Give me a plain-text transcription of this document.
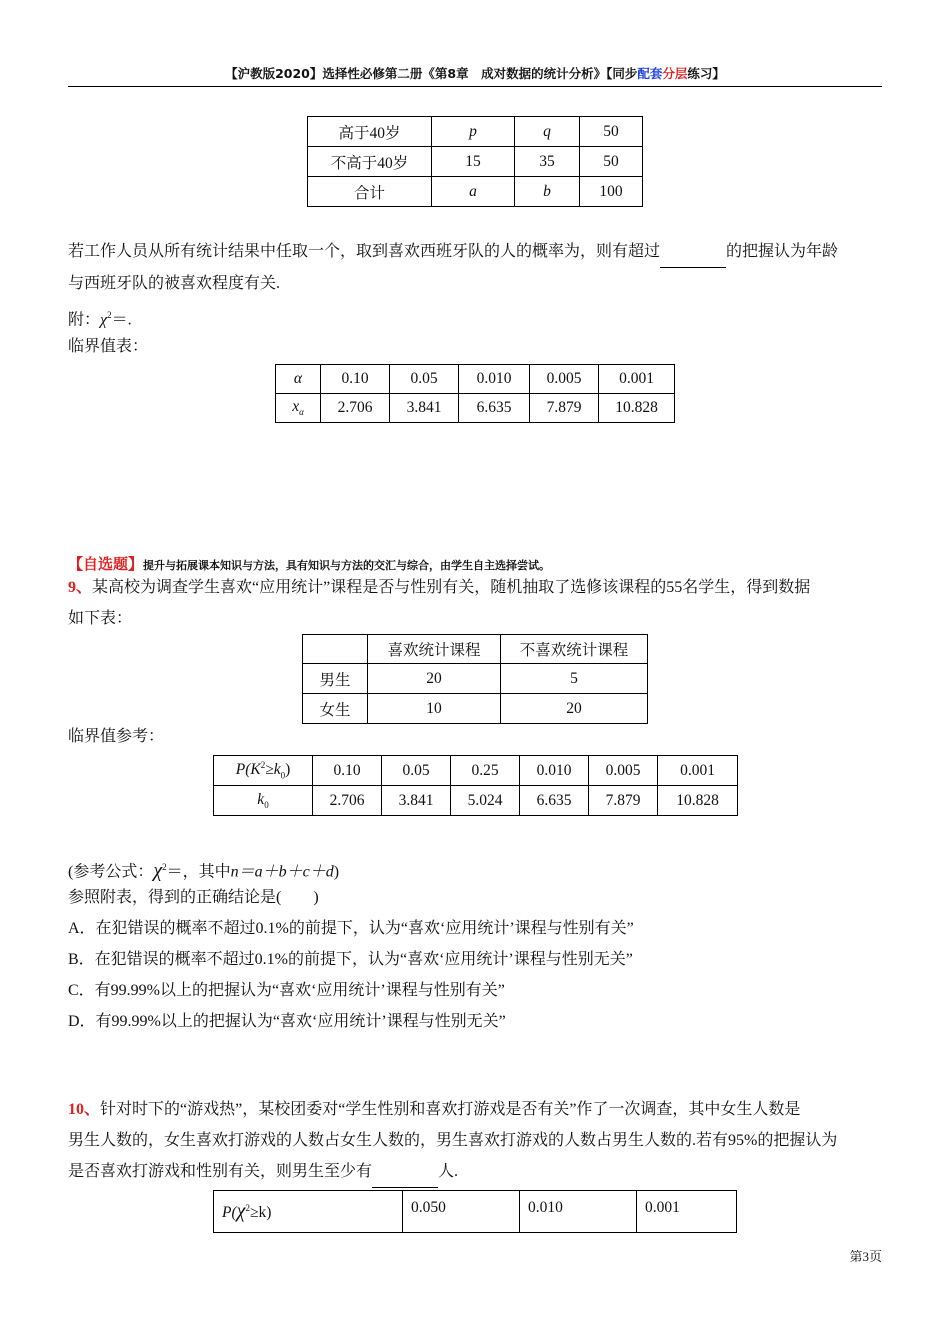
【沪教版2020】选择性必修第二册《第8章　成对数据的统计分析》【同步配套分层练习】
高于40岁	p	q	50
不高于40岁	15	35	50
合计	a	b	100
若工作人员从所有统计结果中任取一个，取到喜欢西班牙队的人的概率为，则有超过	的把握认为年龄
与西班牙队的被喜欢程度有关.
附：$\chi^2=$.
临界值表：
α	0.10	0.05	0.010	0.005	0.001
$x_\alpha$	2.706	3.841	6.635	7.879	10.828
【自选题】提升与拓展课本知识与方法，具有知识与方法的交汇与综合，由学生自主选择尝试。
9、某高校为调查学生喜欢“应用统计”课程是否与性别有关，随机抽取了选修该课程的55名学生，得到数据
如下表：
	喜欢统计课程	不喜欢统计课程
男生	20	5
女生	10	20
临界值参考：
$P(K^2\ge k_0)$	0.10	0.05	0.25	0.010	0.005	0.001
$k_0$	2.706	3.841	5.024	6.635	7.879	10.828
(参考公式：$\chi^2=$，其中n＝a＋b＋c＋d)
参照附表，得到的正确结论是(　　)
A．在犯错误的概率不超过0.1%的前提下，认为“喜欢‘应用统计’课程与性别有关”
B．在犯错误的概率不超过0.1%的前提下，认为“喜欢‘应用统计’课程与性别无关”
C．有99.99%以上的把握认为“喜欢‘应用统计’课程与性别有关”
D．有99.99%以上的把握认为“喜欢‘应用统计’课程与性别无关”
10、针对时下的“游戏热”，某校团委对“学生性别和喜欢打游戏是否有关”作了一次调查，其中女生人数是
男生人数的，女生喜欢打游戏的人数占女生人数的，男生喜欢打游戏的人数占男生人数的.若有95%的把握认为
是否喜欢打游戏和性别有关，则男生至少有	人.
$P(\chi^2\ge k)$	0.050	0.010	0.001
第3页
